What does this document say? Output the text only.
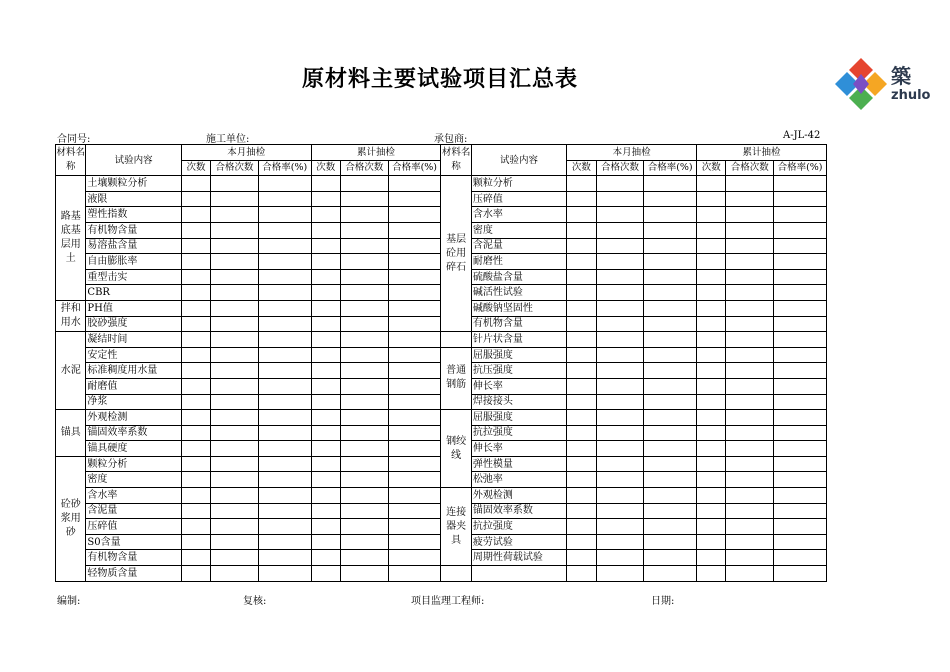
原材料主要试验项目汇总表	築
zhulo
合同号:	施工单位:	承包商:	A-JL-42
材料名称	试验内容	本月抽检			累计抽检			材料名称	试验内容	本月抽检			累计抽检		
		次数	合格次数	合格率(%)	次数	合格次数	合格率(%)			次数	合格次数	合格率(%)	次数	合格次数	合格率(%)
路基底基层用土	土壤颗粒分析							基层砼用碎石	颗粒分析						
	液限								压碎值						
	塑性指数								含水率						
	有机物含量								密度						
	易溶盐含量								含泥量						
	自由膨胀率								耐磨性						
	重型击实								硫酸盐含量						
	CBR								碱活性试验						
拌和用水	PH值								碱酸钠坚固性						
	胶砂强度								有机物含量						
水泥	凝结时间								针片状含量						
	安定性							普通钢筋	屈服强度						
	标准稠度用水量								抗压强度						
	耐磨值								伸长率						
	净浆								焊接接头						
锚具	外观检测							钢绞线	屈服强度						
	锚固效率系数								抗拉强度						
	锚具硬度								伸长率						
砼砂浆用砂	颗粒分析								弹性模量						
	密度								松弛率						
	含水率							连接器夹具	外观检测						
	含泥量								锚固效率系数						
	压碎值								抗拉强度						
	S0含量								疲劳试验						
	有机物含量								周期性荷载试验						
	轻物质含量														
编制:	复核:	项目监理工程师:	日期:
